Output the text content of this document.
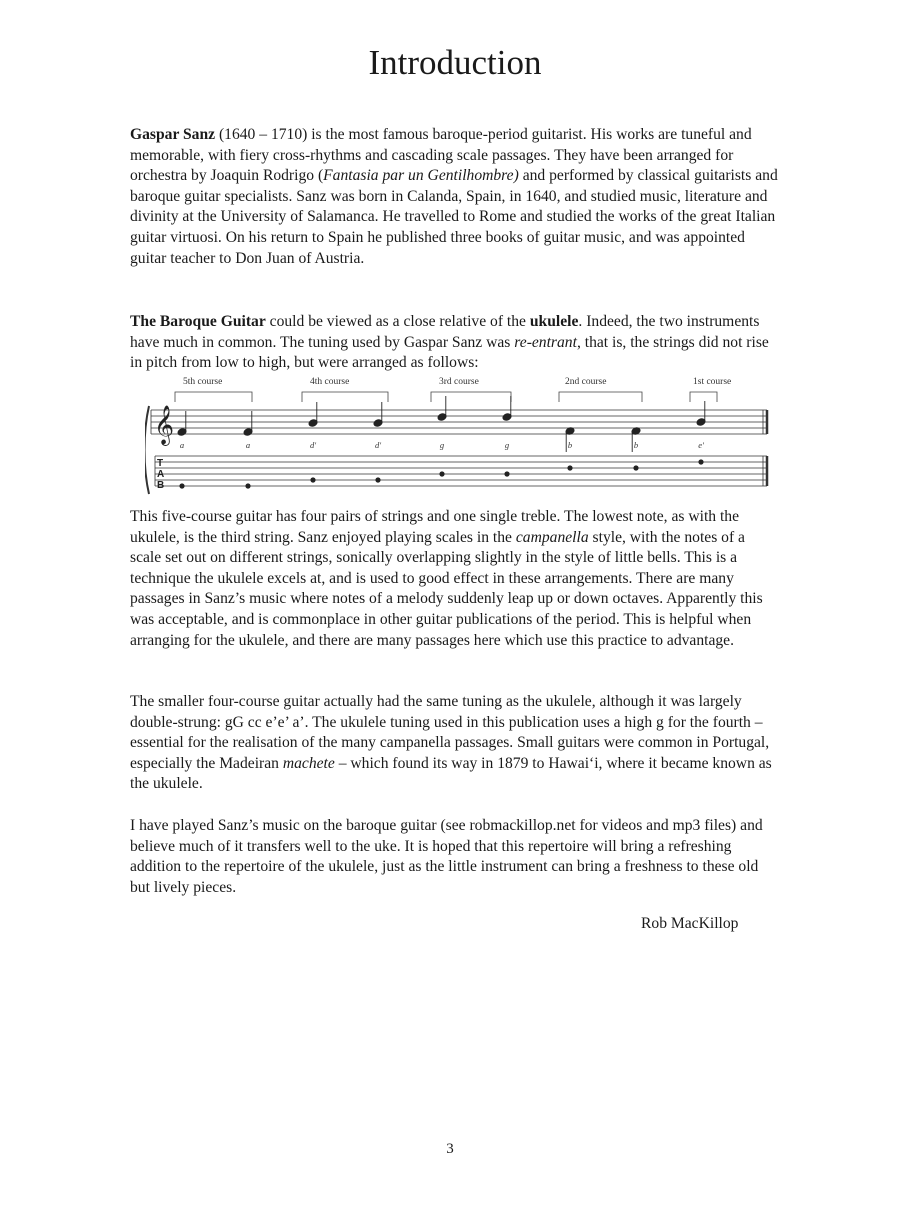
Introduction

Gaspar Sanz (1640 – 1710) is the most famous baroque-period guitarist. His works are tuneful and memorable, with fiery cross-rhythms and cascading scale passages. They have been arranged for orchestra by Joaquin Rodrigo (Fantasia par un Gentilhombre) and performed by classical guitarists and baroque guitar specialists. Sanz was born in Calanda, Spain, in 1640, and studied music, literature and divinity at the University of Salamanca. He travelled to Rome and studied the works of the great Italian guitar virtuosi. On his return to Spain he published three books of guitar music, and was appointed guitar teacher to Don Juan of Austria.

The Baroque Guitar could be viewed as a close relative of the ukulele. Indeed, the two instruments have much in common. The tuning used by Gaspar Sanz was re-entrant, that is, the strings did not rise in pitch from low to high, but were arranged as follows:

5th course	4th course	3rd course	2nd course	1st course
𝄞 a	a	d'	d'	g	g	b	b	e'
T
A
B

This five-course guitar has four pairs of strings and one single treble. The lowest note, as with the ukulele, is the third string. Sanz enjoyed playing scales in the campanella style, with the notes of a scale set out on different strings, sonically overlapping slightly in the style of little bells. This is a technique the ukulele excels at, and is used to good effect in these arrangements. There are many passages in Sanz’s music where notes of a melody suddenly leap up or down octaves. Apparently this was acceptable, and is commonplace in other guitar publications of the period. This is helpful when arranging for the ukulele, and there are many passages here which use this practice to advantage.

The smaller four-course guitar actually had the same tuning as the ukulele, although it was largely double-strung: gG cc e’e’ a’. The ukulele tuning used in this publication uses a high g for the fourth – essential for the realisation of the many campanella passages. Small guitars were common in Portugal, especially the Madeiran machete – which found its way in 1879 to Hawai‘i, where it became known as the ukulele.

I have played Sanz’s music on the baroque guitar (see robmackillop.net for videos and mp3 files) and believe much of it transfers well to the uke. It is hoped that this repertoire will bring a refreshing addition to the repertoire of the ukulele, just as the little instrument can bring a freshness to these old but lively pieces.

Rob MacKillop
3
